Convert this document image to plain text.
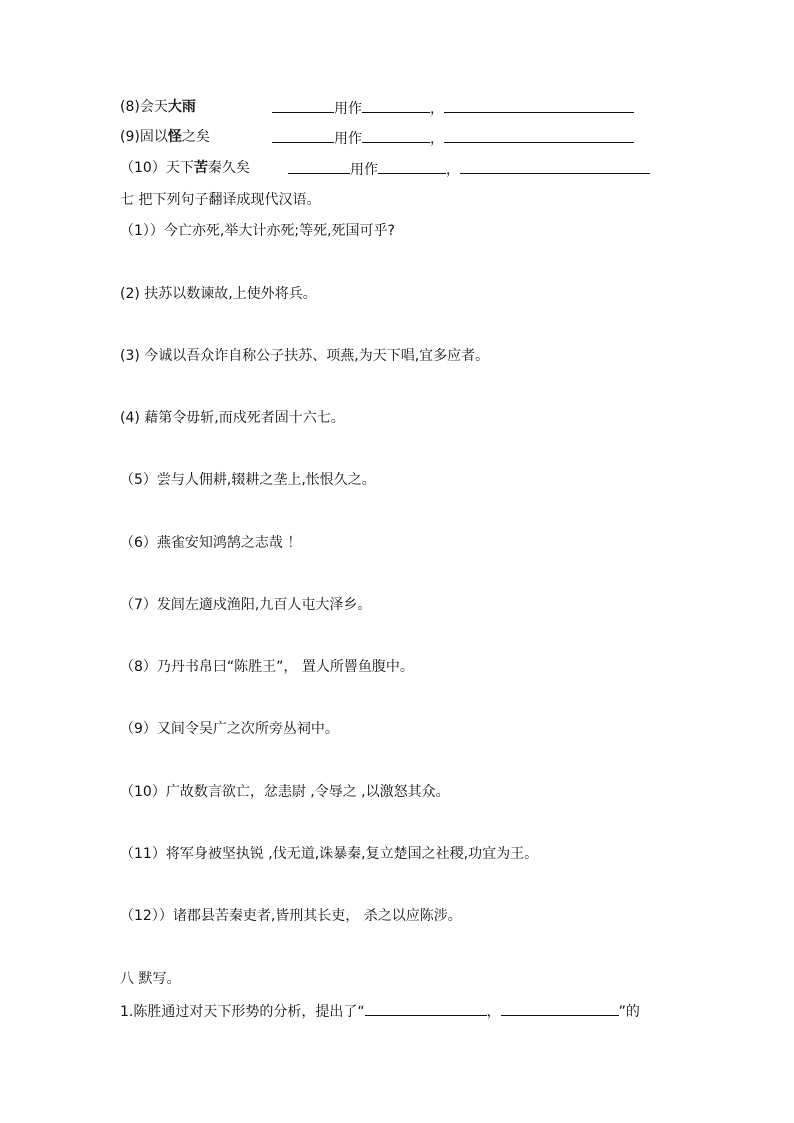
(8)会天大雨	用作	，
(9)固以怪之矣	用作	，
（10）天下苦秦久矣	用作	，
七 把下列句子翻译成现代汉语。
（1））今亡亦死,举大计亦死;等死,死国可乎?
(2) 扶苏以数谏故,上使外将兵。
(3) 今诚以吾众诈自称公子扶苏、项燕,为天下唱,宜多应者。
(4) 藉第令毋斩,而戍死者固十六七。
（5）尝与人佣耕,辍耕之垄上,怅恨久之。
（6）燕雀安知鸿鹄之志哉 ！
（7）发闾左適戍渔阳,九百人屯大泽乡。
（8）乃丹书帛曰“陈胜王”， 置人所罾鱼腹中。
（9）又间令吴广之次所旁丛祠中。
（10）广故数言欲亡，忿恚尉 ,令辱之 ,以激怒其众。
（11）将军身被坚执锐 ,伐无道,诛暴秦,复立楚国之社稷,功宜为王。
（12））诸郡县苦秦吏者,皆刑其长吏， 杀之以应陈涉。
八 默写。
1.陈胜通过对天下形势的分析，提出了“	，	”的
